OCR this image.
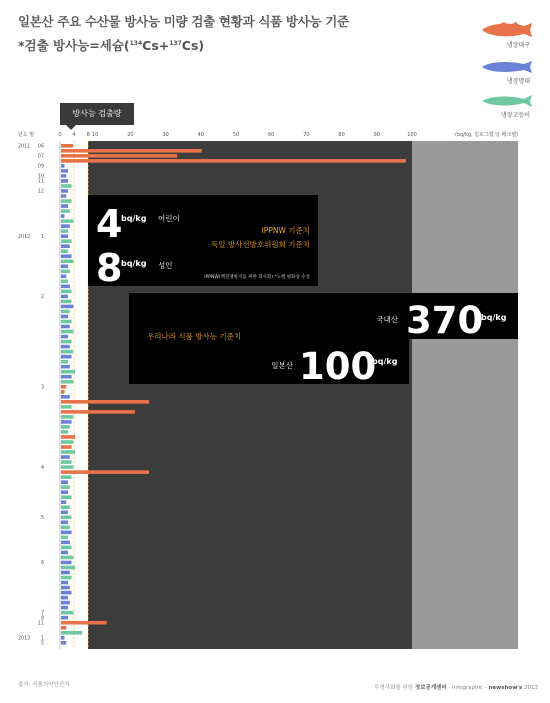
일본산 주요 수산물 방사능 미량 검출 현황과 식품 방사능 기준
*검출 방사능=세슘($^{134}$Cs+$^{137}$Cs)	냉장대구
냉장명태
냉장고등어
방사능 검출량
0 4 8 10	20	30	40	50	60	70	80	90	100
년도 월	(bq/kg, 킬로그램 당 베크렐)
2011 06
07
09
10
11
12
2012 1
2
3
4
5
6
7
8
11
2013 1
5
4
bq/kg 어린이
8
bq/kg 성인
IPPNW 기준치
독일 방사선방호위원회 기준치
IPPNW(핵전쟁방지를 위한 의사회) *노벨 평화상 수상
우리나라 식품 방사능 기준치
국내산 370
bq/kg
일본산 100
bq/kg
출처: 식품의약안전처	투명사회를 위한 정보공개센터 · infographic - newshow's 2013
